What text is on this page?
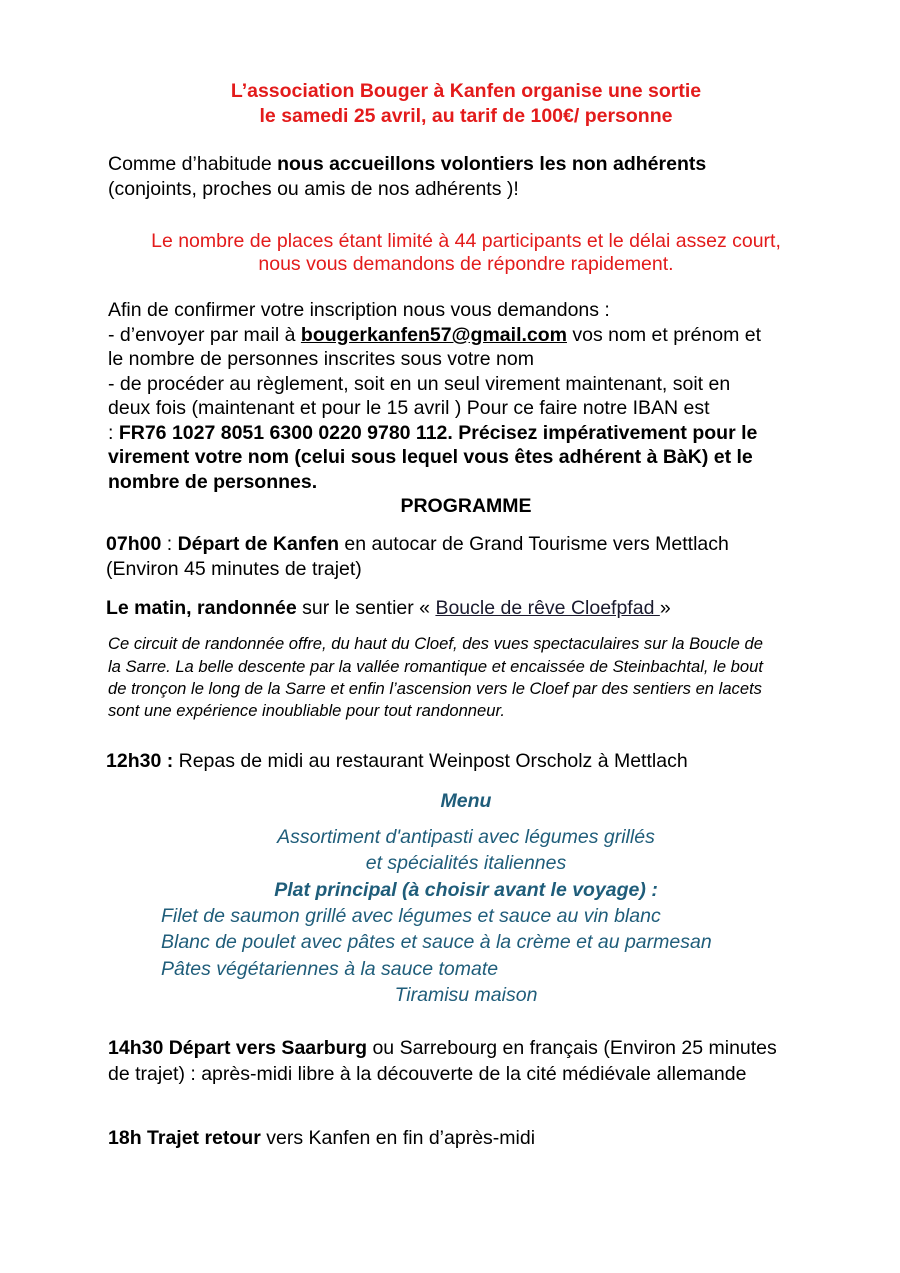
L’association Bouger à Kanfen organise une sortie
le samedi 25 avril, au tarif de 100€/ personne
Comme d’habitude nous accueillons volontiers les non adhérents
(conjoints, proches ou amis de nos adhérents )!
Le nombre de places étant limité à 44 participants et le délai assez court,
nous vous demandons de répondre rapidement.
Afin de confirmer votre inscription nous vous demandons :
- d’envoyer par mail à bougerkanfen57@gmail.com vos nom et prénom et
le nombre de personnes inscrites sous votre nom
- de procéder au règlement, soit en un seul virement maintenant, soit en
deux fois (maintenant et pour le 15 avril ) Pour ce faire notre IBAN est
: FR76 1027 8051 6300 0220 9780 112. Précisez impérativement pour le
virement votre nom (celui sous lequel vous êtes adhérent à BàK) et le
nombre de personnes.
PROGRAMME
07h00 : Départ de Kanfen en autocar de Grand Tourisme vers Mettlach
(Environ 45 minutes de trajet)
Le matin, randonnée sur le sentier « Boucle de rêve Cloefpfad »
Ce circuit de randonnée offre, du haut du Cloef, des vues spectaculaires sur la Boucle de
la Sarre. La belle descente par la vallée romantique et encaissée de Steinbachtal, le bout
de tronçon le long de la Sarre et enfin l’ascension vers le Cloef par des sentiers en lacets
sont une expérience inoubliable pour tout randonneur.
12h30 : Repas de midi au restaurant Weinpost Orscholz à Mettlach
Menu
Assortiment d'antipasti avec légumes grillés
et spécialités italiennes
Plat principal (à choisir avant le voyage) :
Filet de saumon grillé avec légumes et sauce au vin blanc
Blanc de poulet avec pâtes et sauce à la crème et au parmesan
Pâtes végétariennes à la sauce tomate
Tiramisu maison
14h30 Départ vers Saarburg ou Sarrebourg en français (Environ 25 minutes
de trajet) : après-midi libre à la découverte de la cité médiévale allemande
18h Trajet retour vers Kanfen en fin d’après-midi
